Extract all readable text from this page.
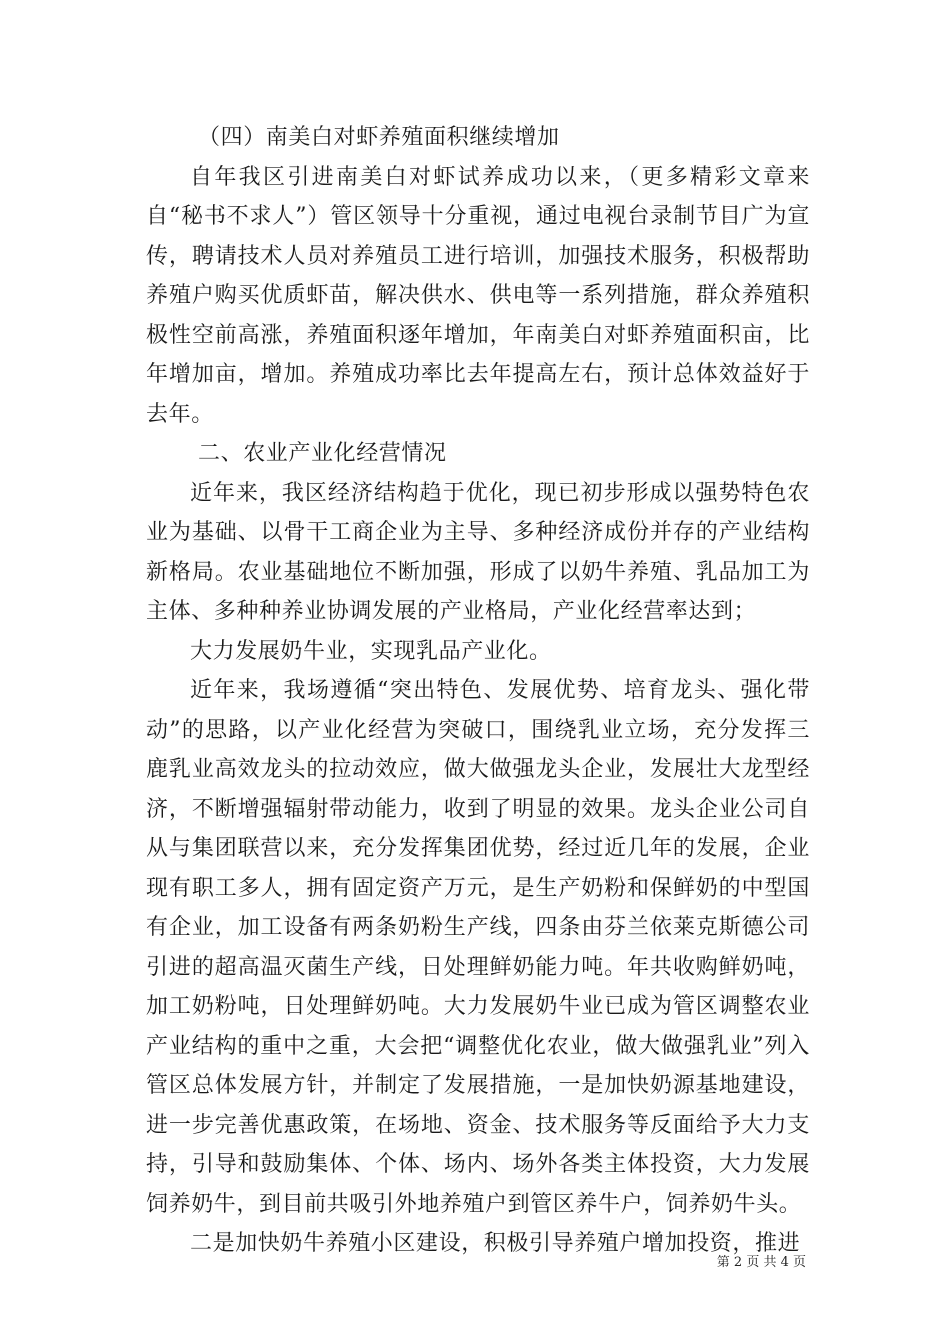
（四）南美白对虾养殖面积继续增加

自年我区引进南美白对虾试养成功以来，（更多精彩文章来自“秘书不求人”）管区领导十分重视，通过电视台录制节目广为宣传，聘请技术人员对养殖员工进行培训，加强技术服务，积极帮助养殖户购买优质虾苗，解决供水、供电等一系列措施，群众养殖积极性空前高涨，养殖面积逐年增加，年南美白对虾养殖面积亩，比年增加亩，增加。养殖成功率比去年提高左右，预计总体效益好于去年。

二、农业产业化经营情况

近年来，我区经济结构趋于优化，现已初步形成以强势特色农业为基础、以骨干工商企业为主导、多种经济成份并存的产业结构新格局。农业基础地位不断加强，形成了以奶牛养殖、乳品加工为主体、多种种养业协调发展的产业格局，产业化经营率达到；

大力发展奶牛业，实现乳品产业化。

近年来，我场遵循“突出特色、发展优势、培育龙头、强化带动”的思路，以产业化经营为突破口，围绕乳业立场，充分发挥三鹿乳业高效龙头的拉动效应，做大做强龙头企业，发展壮大龙型经济，不断增强辐射带动能力，收到了明显的效果。龙头企业公司自从与集团联营以来，充分发挥集团优势，经过近几年的发展，企业现有职工多人，拥有固定资产万元，是生产奶粉和保鲜奶的中型国有企业，加工设备有两条奶粉生产线，四条由芬兰依莱克斯德公司引进的超高温灭菌生产线，日处理鲜奶能力吨。年共收购鲜奶吨，加工奶粉吨，日处理鲜奶吨。大力发展奶牛业已成为管区调整农业产业结构的重中之重，大会把“调整优化农业，做大做强乳业”列入管区总体发展方针，并制定了发展措施，一是加快奶源基地建设，进一步完善优惠政策，在场地、资金、技术服务等反面给予大力支持，引导和鼓励集体、个体、场内、场外各类主体投资，大力发展饲养奶牛，到目前共吸引外地养殖户到管区养牛户，饲养奶牛头。

二是加快奶牛养殖小区建设，积极引导养殖户增加投资，推进

第 2 页 共 4 页
